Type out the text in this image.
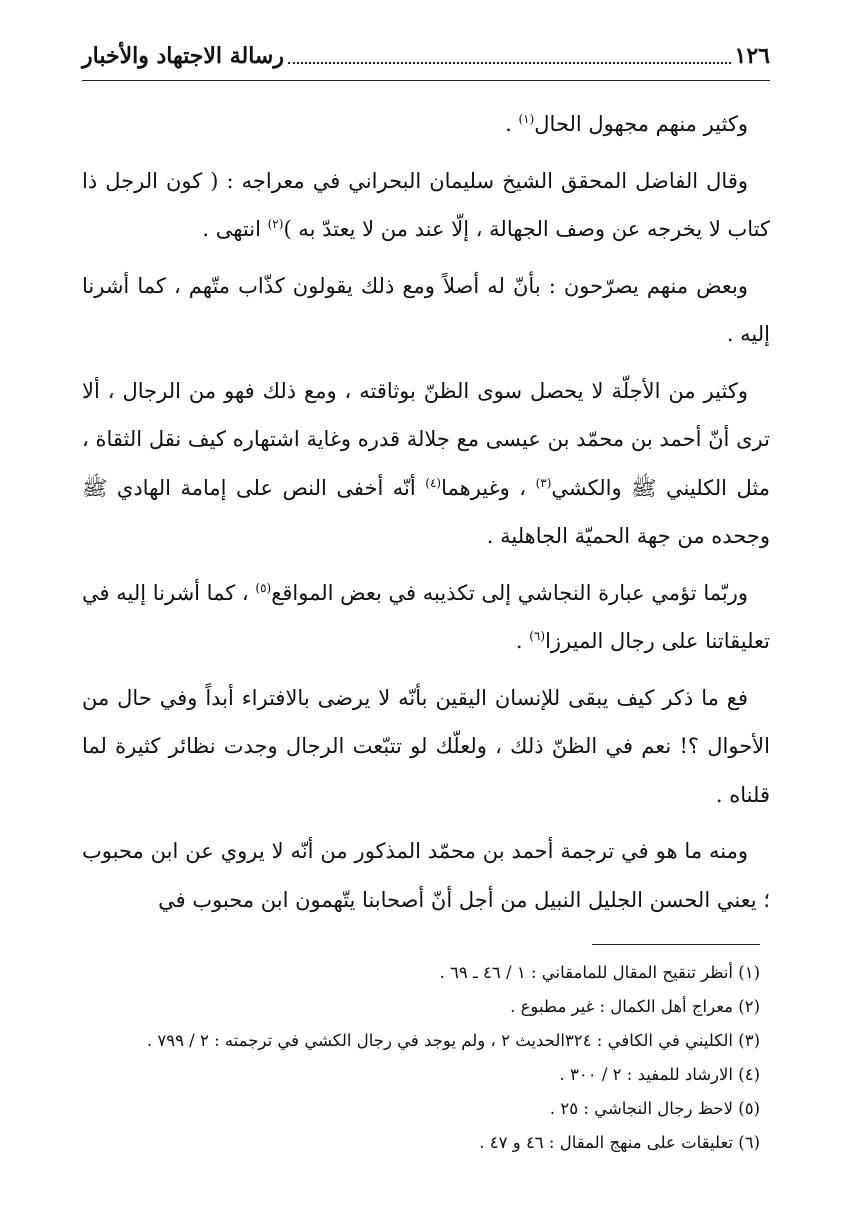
١٢٦
رسالة الاجتهاد والأخبار

وكثير منهم مجهول الحال$^{(١)}$ .

وقال الفاضل المحقق الشيخ سليمان البحراني في معراجه : ( كون الرجل ذا كتاب لا يخرجه عن وصف الجهالة ، إلّا عند من لا يعتدّ به )$^{(٢)}$ انتهى .

وبعض منهم يصرّحون : بأنّ له أصلاً ومع ذلك يقولون كذّاب متّهم ، كما أشرنا إليه .

وكثير من الأجلّة لا يحصل سوى الظنّ بوثاقته ، ومع ذلك فهو من الرجال ، ألا ترى أنّ أحمد بن محمّد بن عيسى مع جلالة قدره وغاية اشتهاره كيف نقل الثقاة ، مثل الكليني ﷺ والكشي$^{(٣)}$ ، وغيرهما$^{(٤)}$ أنّه أخفى النص على إمامة الهادي ﷺ وجحده من جهة الحميّة الجاهلية .

وربّما تؤمي عبارة النجاشي إلى تكذيبه في بعض المواقع$^{(٥)}$ ، كما أشرنا إليه في تعليقاتنا على رجال الميرزا$^{(٦)}$ .

فع ما ذكر كيف يبقى للإنسان اليقين بأنّه لا يرضى بالافتراء أبداً وفي حال من الأحوال ؟! نعم في الظنّ ذلك ، ولعلّك لو تتبّعت الرجال وجدت نظائر كثيرة لما قلناه .

ومنه ما هو في ترجمة أحمد بن محمّد المذكور من أنّه لا يروي عن ابن محبوب ؛ يعني الحسن الجليل النبيل من أجل أنّ أصحابنا يتّهمون ابن محبوب في

(١) أنظر تنقيح المقال للمامقاني : ١ / ٤٦ ـ ٦٩ .

(٢) معراج أهل الكمال : غير مطبوع .

(٣) الكليني في الكافي : ٣٢٤الحديث ٢ ، ولم يوجد في رجال الكشي في ترجمته : ٢ / ٧٩٩ .

(٤) الارشاد للمفيد : ٢ / ٣٠٠ .

(٥) لاحظ رجال النجاشي : ٢٥ .

(٦) تعليقات على منهج المقال : ٤٦ و ٤٧ .
